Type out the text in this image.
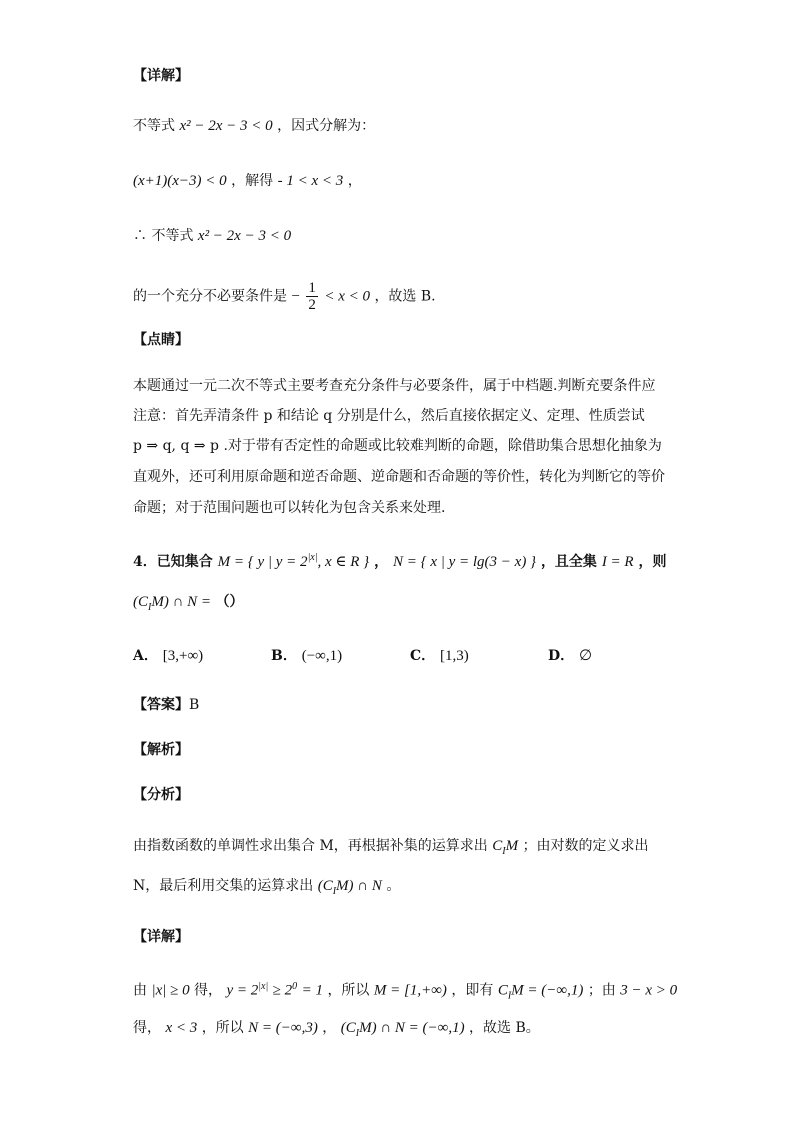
【详解】
不等式 x² − 2x − 3 < 0 ，因式分解为：
(x+1)(x−3) < 0 ，解得 - 1 < x < 3 ，
∴ 不等式 x² − 2x − 3 < 0
的一个充分不必要条件是 − $\frac{1}{2} < x < 0$ ，故选 B.
【点睛】
本题通过一元二次不等式主要考查充分条件与必要条件，属于中档题.判断充要条件应
注意：首先弄清条件 p 和结论 q 分别是什么，然后直接依据定义、定理、性质尝试
p ⇒ q, q ⇒ p .对于带有否定性的命题或比较难判断的命题，除借助集合思想化抽象为
直观外，还可利用原命题和逆否命题、逆命题和否命题的等价性，转化为判断它的等价
命题；对于范围问题也可以转化为包含关系来处理.
4．已知集合 M = { y | $y = 2^{|x|}$, x ∈ R } ， N = { x | y = lg(3 − x) } ，且全集 I = R ，则
$(C_IM)$ ∩ N = （）
A． [3,+∞)	B． (−∞,1)	C． [1,3)	D． ∅
【答案】B
【解析】
【分析】
由指数函数的单调性求出集合 M，再根据补集的运算求出 $C_IM$ ；由对数的定义求出
N，最后利用交集的运算求出 $(C_IM)$ ∩ N 。
【详解】
由 |x| ≥ 0 得， $y = 2^{|x|} \ge 2^0 = 1$ ，所以 M = [1,+∞) ，即有 $C_IM = (-\infty,1)$ ；由 3 − x > 0
得， x < 3 ，所以 N = (−∞,3) ， $(C_IM)$ ∩ N = (−∞,1) ，故选 B。
